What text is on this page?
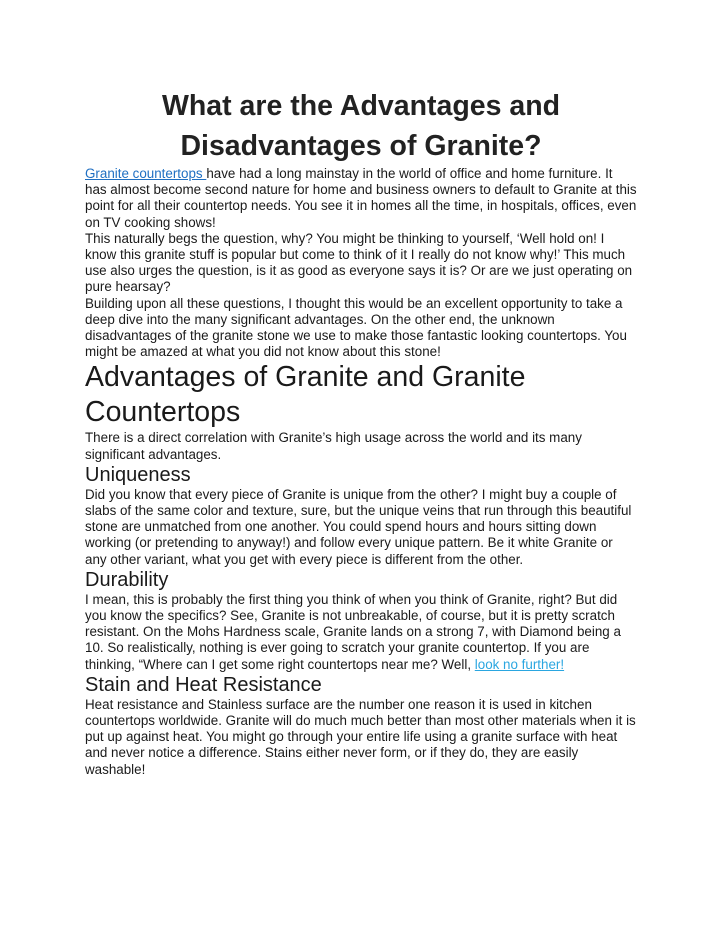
What are the Advantages and Disadvantages of Granite?

Granite countertops have had a long mainstay in the world of office and home furniture. It has almost become second nature for home and business owners to default to Granite at this point for all their countertop needs. You see it in homes all the time, in hospitals, offices, even on TV cooking shows!

This naturally begs the question, why? You might be thinking to yourself, ‘Well hold on! I know this granite stuff is popular but come to think of it I really do not know why!’ This much use also urges the question, is it as good as everyone says it is? Or are we just operating on pure hearsay?

Building upon all these questions, I thought this would be an excellent opportunity to take a deep dive into the many significant advantages. On the other end, the unknown disadvantages of the granite stone we use to make those fantastic looking countertops. You might be amazed at what you did not know about this stone!

Advantages of Granite and Granite Countertops

There is a direct correlation with Granite’s high usage across the world and its many significant advantages.

Uniqueness

Did you know that every piece of Granite is unique from the other? I might buy a couple of slabs of the same color and texture, sure, but the unique veins that run through this beautiful stone are unmatched from one another. You could spend hours and hours sitting down working (or pretending to anyway!) and follow every unique pattern. Be it white Granite or any other variant, what you get with every piece is different from the other.

Durability

I mean, this is probably the first thing you think of when you think of Granite, right? But did you know the specifics? See, Granite is not unbreakable, of course, but it is pretty scratch resistant. On the Mohs Hardness scale, Granite lands on a strong 7, with Diamond being a 10. So realistically, nothing is ever going to scratch your granite countertop. If you are thinking, “Where can I get some right countertops near me? Well, look no further!

Stain and Heat Resistance

Heat resistance and Stainless surface are the number one reason it is used in kitchen countertops worldwide. Granite will do much much better than most other materials when it is put up against heat. You might go through your entire life using a granite surface with heat and never notice a difference. Stains either never form, or if they do, they are easily washable!
